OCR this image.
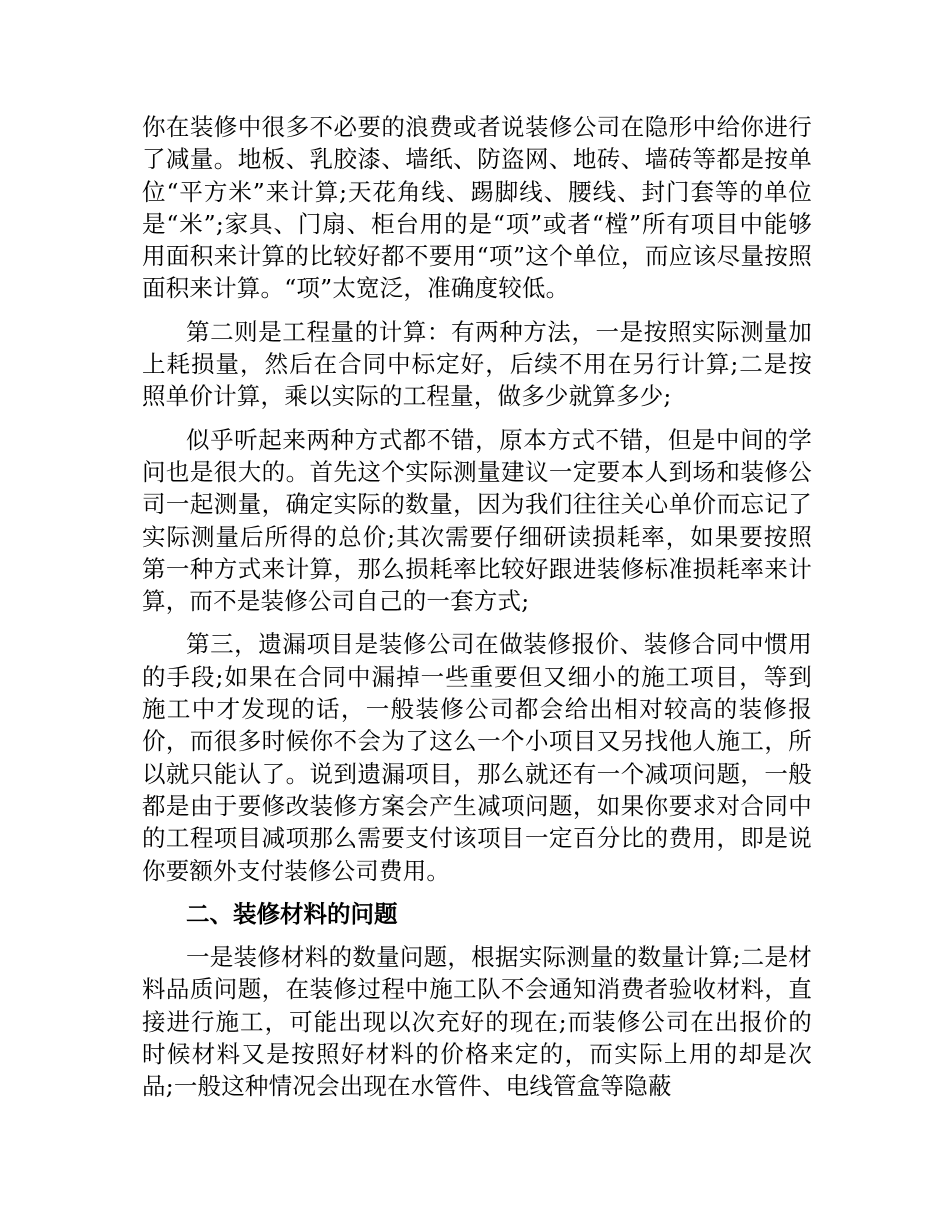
你在装修中很多不必要的浪费或者说装修公司在隐形中给你进行了减量。地板、乳胶漆、墙纸、防盗网、地砖、墙砖等都是按单位“平方米”来计算;天花角线、踢脚线、腰线、封门套等的单位是“米”;家具、门扇、柜台用的是“项”或者“樘”所有项目中能够用面积来计算的比较好都不要用“项”这个单位，而应该尽量按照面积来计算。“项”太宽泛，准确度较低。

第二则是工程量的计算：有两种方法，一是按照实际测量加上耗损量，然后在合同中标定好，后续不用在另行计算;二是按照单价计算，乘以实际的工程量，做多少就算多少;

似乎听起来两种方式都不错，原本方式不错，但是中间的学问也是很大的。首先这个实际测量建议一定要本人到场和装修公司一起测量，确定实际的数量，因为我们往往关心单价而忘记了实际测量后所得的总价;其次需要仔细研读损耗率，如果要按照第一种方式来计算，那么损耗率比较好跟进装修标准损耗率来计算，而不是装修公司自己的一套方式;

第三，遗漏项目是装修公司在做装修报价、装修合同中惯用的手段;如果在合同中漏掉一些重要但又细小的施工项目，等到施工中才发现的话，一般装修公司都会给出相对较高的装修报价，而很多时候你不会为了这么一个小项目又另找他人施工，所以就只能认了。说到遗漏项目，那么就还有一个减项问题，一般都是由于要修改装修方案会产生减项问题，如果你要求对合同中的工程项目减项那么需要支付该项目一定百分比的费用，即是说你要额外支付装修公司费用。

二、装修材料的问题

一是装修材料的数量问题，根据实际测量的数量计算;二是材料品质问题，在装修过程中施工队不会通知消费者验收材料，直接进行施工，可能出现以次充好的现在;而装修公司在出报价的时候材料又是按照好材料的价格来定的，而实际上用的却是次品;一般这种情况会出现在水管件、电线管盒等隐蔽
